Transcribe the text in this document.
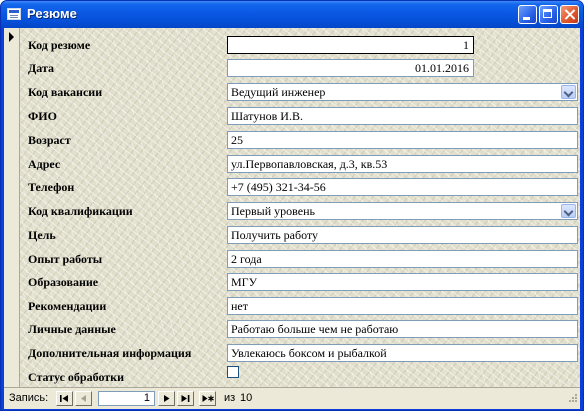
Резюме
Код резюме	1
Дата	01.01.2016
Код вакансии	Ведущий инженер
ФИО	Шатунов И.В.
Возраст	25
Адрес	ул.Первопавловская, д.3, кв.53
Телефон	+7 (495) 321-34-56
Код квалификации	Первый уровень
Цель	Получить работу
Опыт работы	2 года
Образование	МГУ
Рекомендации	нет
Личные данные	Работаю больше чем не работаю
Дополнительная информация	Увлекаюсь боксом и рыбалкой
Статус обработки
Запись:	1	из 10
